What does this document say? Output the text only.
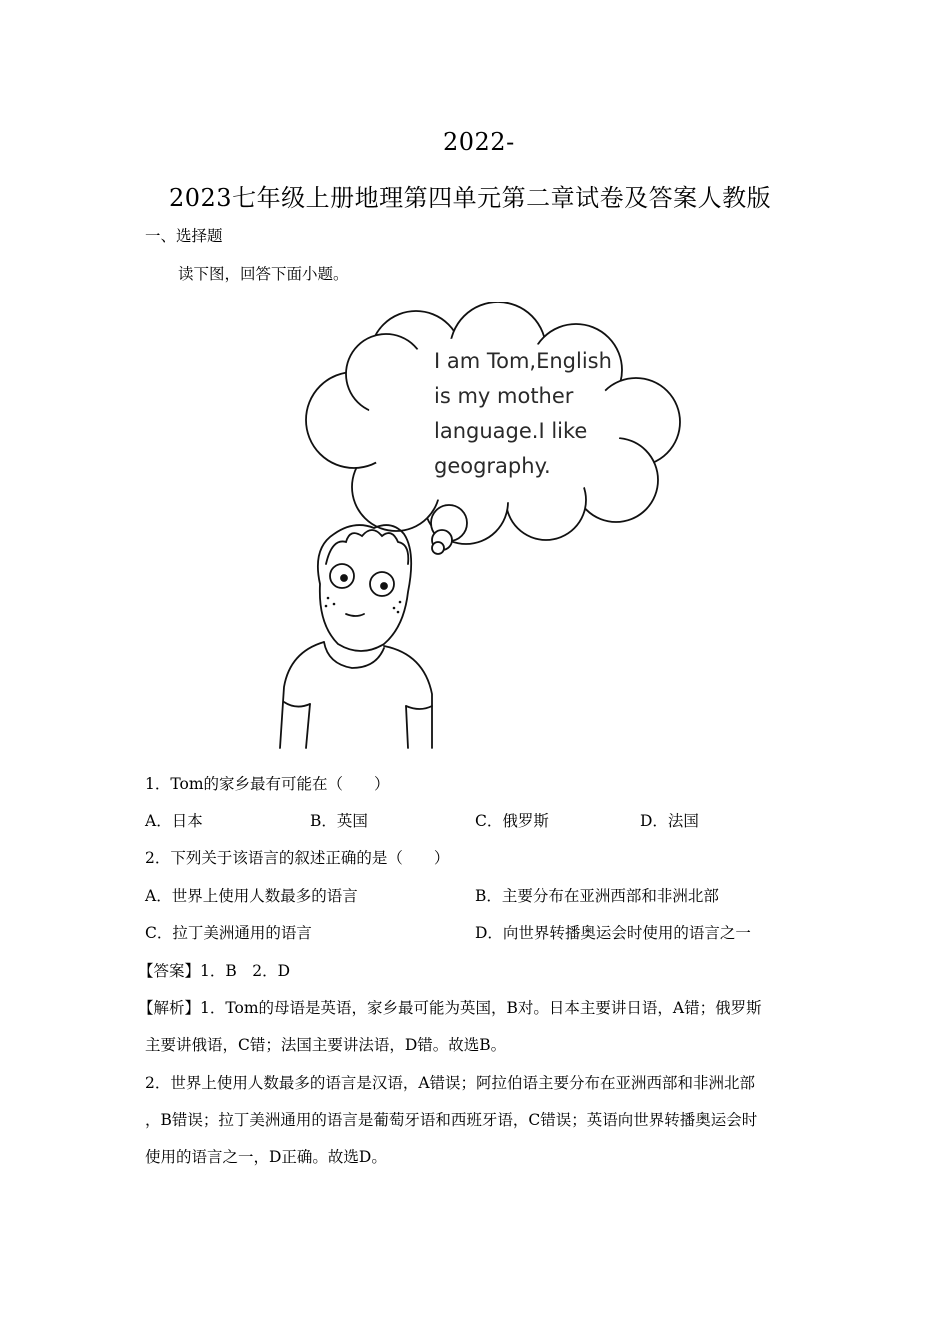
2022-
2023七年级上册地理第四单元第二章试卷及答案人教版
一、选择题
读下图，回答下面小题。
I am Tom,English
is my mother
language.I like
geography.
1．Tom的家乡最有可能在（　　）
A．日本	B．英国	C．俄罗斯	D．法国
2．下列关于该语言的叙述正确的是（　　）
A．世界上使用人数最多的语言	B．主要分布在亚洲西部和非洲北部
C．拉丁美洲通用的语言	D．向世界转播奥运会时使用的语言之一
【答案】1．B　2．D
【解析】1．Tom的母语是英语，家乡最可能为英国，B对。日本主要讲日语，A错；俄罗斯
主要讲俄语，C错；法国主要讲法语，D错。故选B。
2．世界上使用人数最多的语言是汉语，A错误；阿拉伯语主要分布在亚洲西部和非洲北部
，B错误；拉丁美洲通用的语言是葡萄牙语和西班牙语，C错误；英语向世界转播奥运会时
使用的语言之一，D正确。故选D。
